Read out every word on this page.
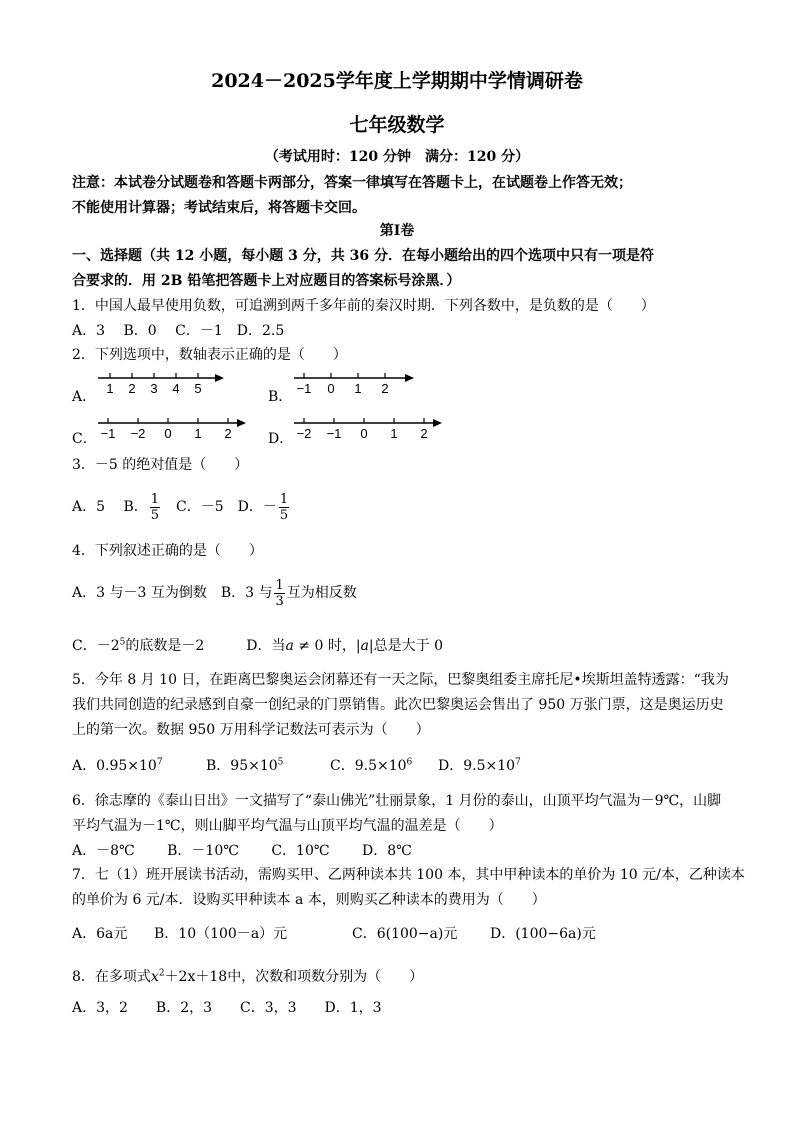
2024－2025学年度上学期期中学情调研卷
七年级数学
（考试用时：120 分钟　满分：120 分）
注意：本试卷分试题卷和答题卡两部分，答案一律填写在答题卡上，在试题卷上作答无效；
不能使用计算器；考试结束后，将答题卡交回。
第Ⅰ卷
一、选择题（共 12 小题，每小题 3 分，共 36 分．在每小题给出的四个选项中只有一项是符
合要求的．用 2B 铅笔把答题卡上对应题目的答案标号涂黑．）
1．中国人最早使用负数，可追溯到两千多年前的秦汉时期．下列各数中，是负数的是（　　）
A．3　 B．0　 C．－1　D．2.5
2．下列选项中，数轴表示正确的是（　　）
A．	B．
C．	D．
1 2 3 4 5	−1 0 1 2
−1 −2 0 1 2	−2 −1 0 1 2
3．－5 的绝对值是（　　）
A．5　 B． $\frac{1}{5}$ 　C．－5　D．－ $\frac{1}{5}$
4．下列叙述正确的是（　　）
A．3 与－3 互为倒数　B．3 与 $\frac{1}{3}$ 互为相反数
C．$-2^5$的底数是－2　　　D．当a ≠ 0 时，|a|总是大于 0
5．今年 8 月 10 日，在距离巴黎奥运会闭幕还有一天之际，巴黎奥组委主席托尼•埃斯坦盖特透露：“我为
我们共同创造的纪录感到自豪一创纪录的门票销售。此次巴黎奥运会售出了 950 万张门票，这是奥运历史
上的第一次。数据 950 万用科学记数法可表示为（　　）
A．$0.95\times 10^7$	B．$95\times 10^5$	C．$9.5\times 10^6$ D．$9.5\times 10^7$
6．徐志摩的《泰山日出》一文描写了“泰山佛光”壮丽景象，1 月份的泰山，山顶平均气温为－9℃，山脚
平均气温为－1℃，则山脚平均气温与山顶平均气温的温差是（　　）
A．－8℃　　 B．－10℃　　 C．10℃　　 D．8℃
7．七（1）班开展读书活动，需购买甲、乙两种读本共 100 本，其中甲种读本的单价为 10 元/本，乙种读本
的单价为 6 元/本．设购买甲种读本 a 本，则购买乙种读本的费用为（　　）
A．6a元 B．10（100－a）元	C．6(100−a)元 D．(100−6a)元
8．在多项式$x^2+2x+18$中，次数和项数分别为（　　）
A．3，2　　B．2，3　　C．3，3　　D．1，3
